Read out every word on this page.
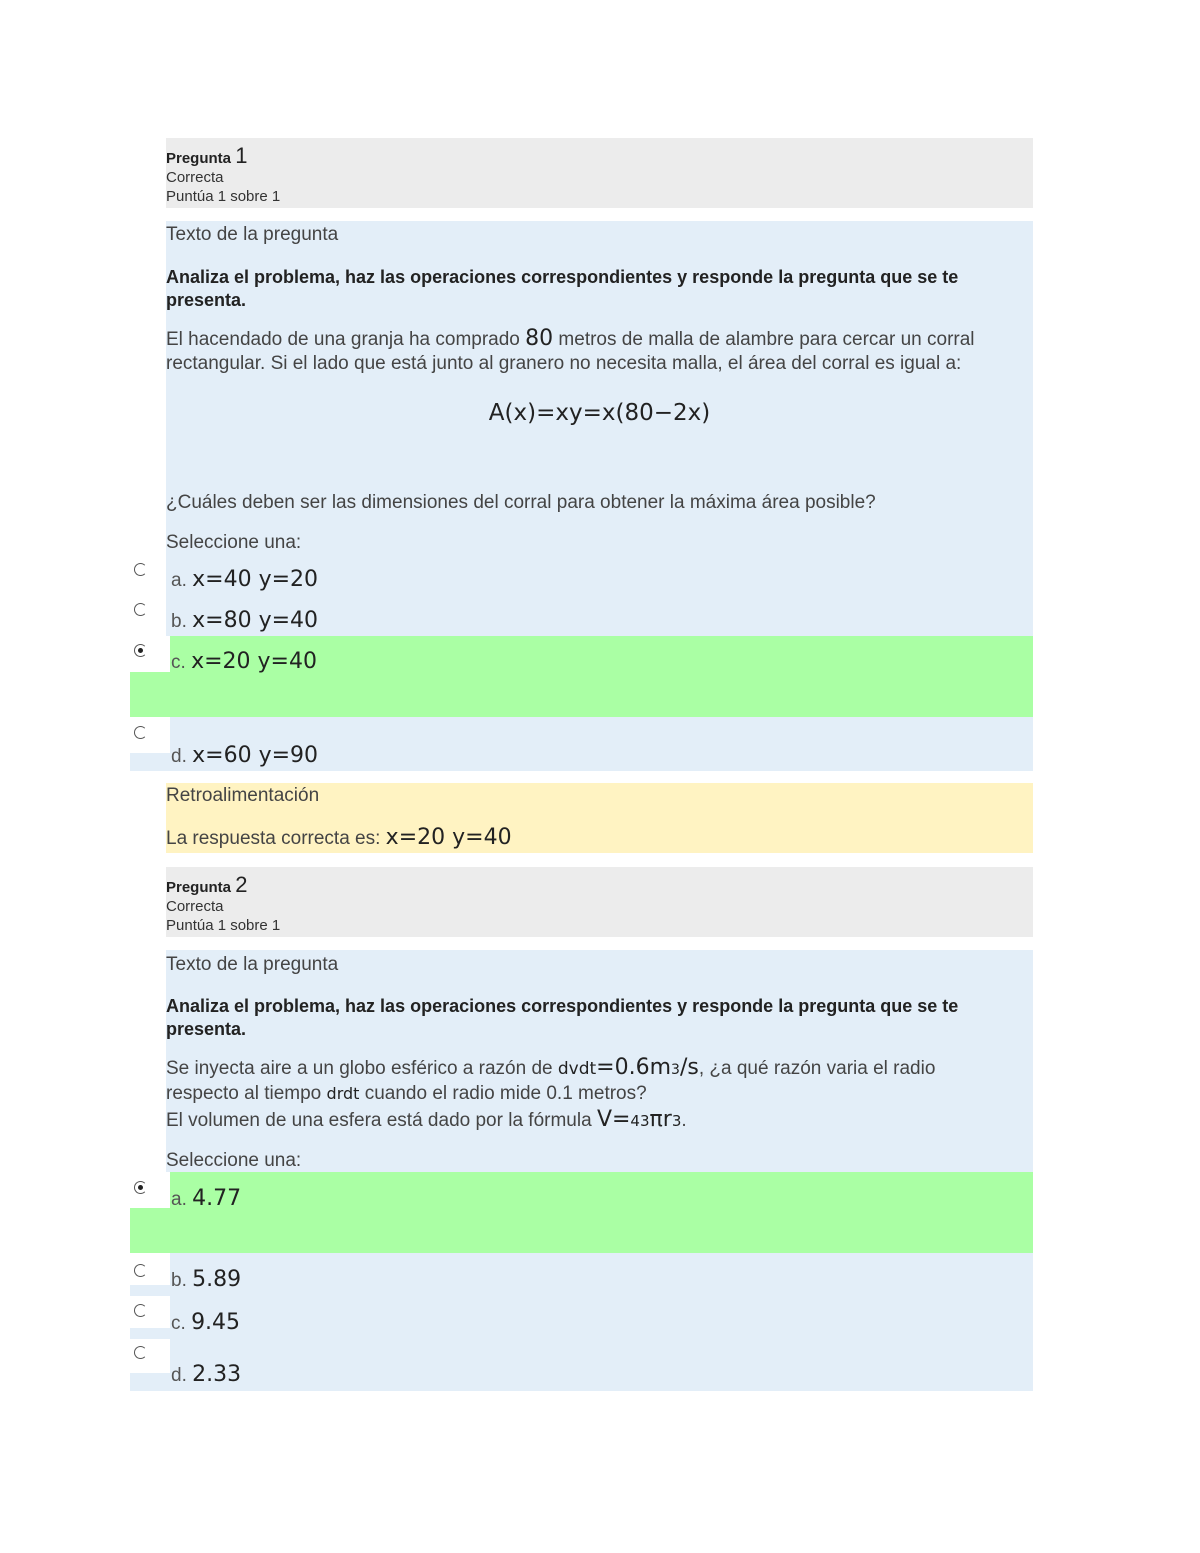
Pregunta 1
Correcta
Puntúa 1 sobre 1
Texto de la pregunta
Analiza el problema, haz las operaciones correspondientes y responde la pregunta que se te presenta.
El hacendado de una granja ha comprado 80 metros de malla de alambre para cercar un corral rectangular. Si el lado que está junto al granero no necesita malla, el área del corral es igual a:
A(x)=xy=x(80−2x)
¿Cuáles deben ser las dimensiones del corral para obtener la máxima área posible?
Seleccione una:
a. x=40 y=20
b. x=80 y=40
c. x=20 y=40
d. x=60 y=90
Retroalimentación
La respuesta correcta es: x=20 y=40
Pregunta 2
Correcta
Puntúa 1 sobre 1
Texto de la pregunta
Analiza el problema, haz las operaciones correspondientes y responde la pregunta que se te presenta.
Se inyecta aire a un globo esférico a razón de dvdt=0.6m3/s, ¿a qué razón varia el radio
respecto al tiempo drdt cuando el radio mide 0.1 metros?
El volumen de una esfera está dado por la fórmula V=43πr3.
Seleccione una:
a. 4.77
b. 5.89
c. 9.45
d. 2.33
